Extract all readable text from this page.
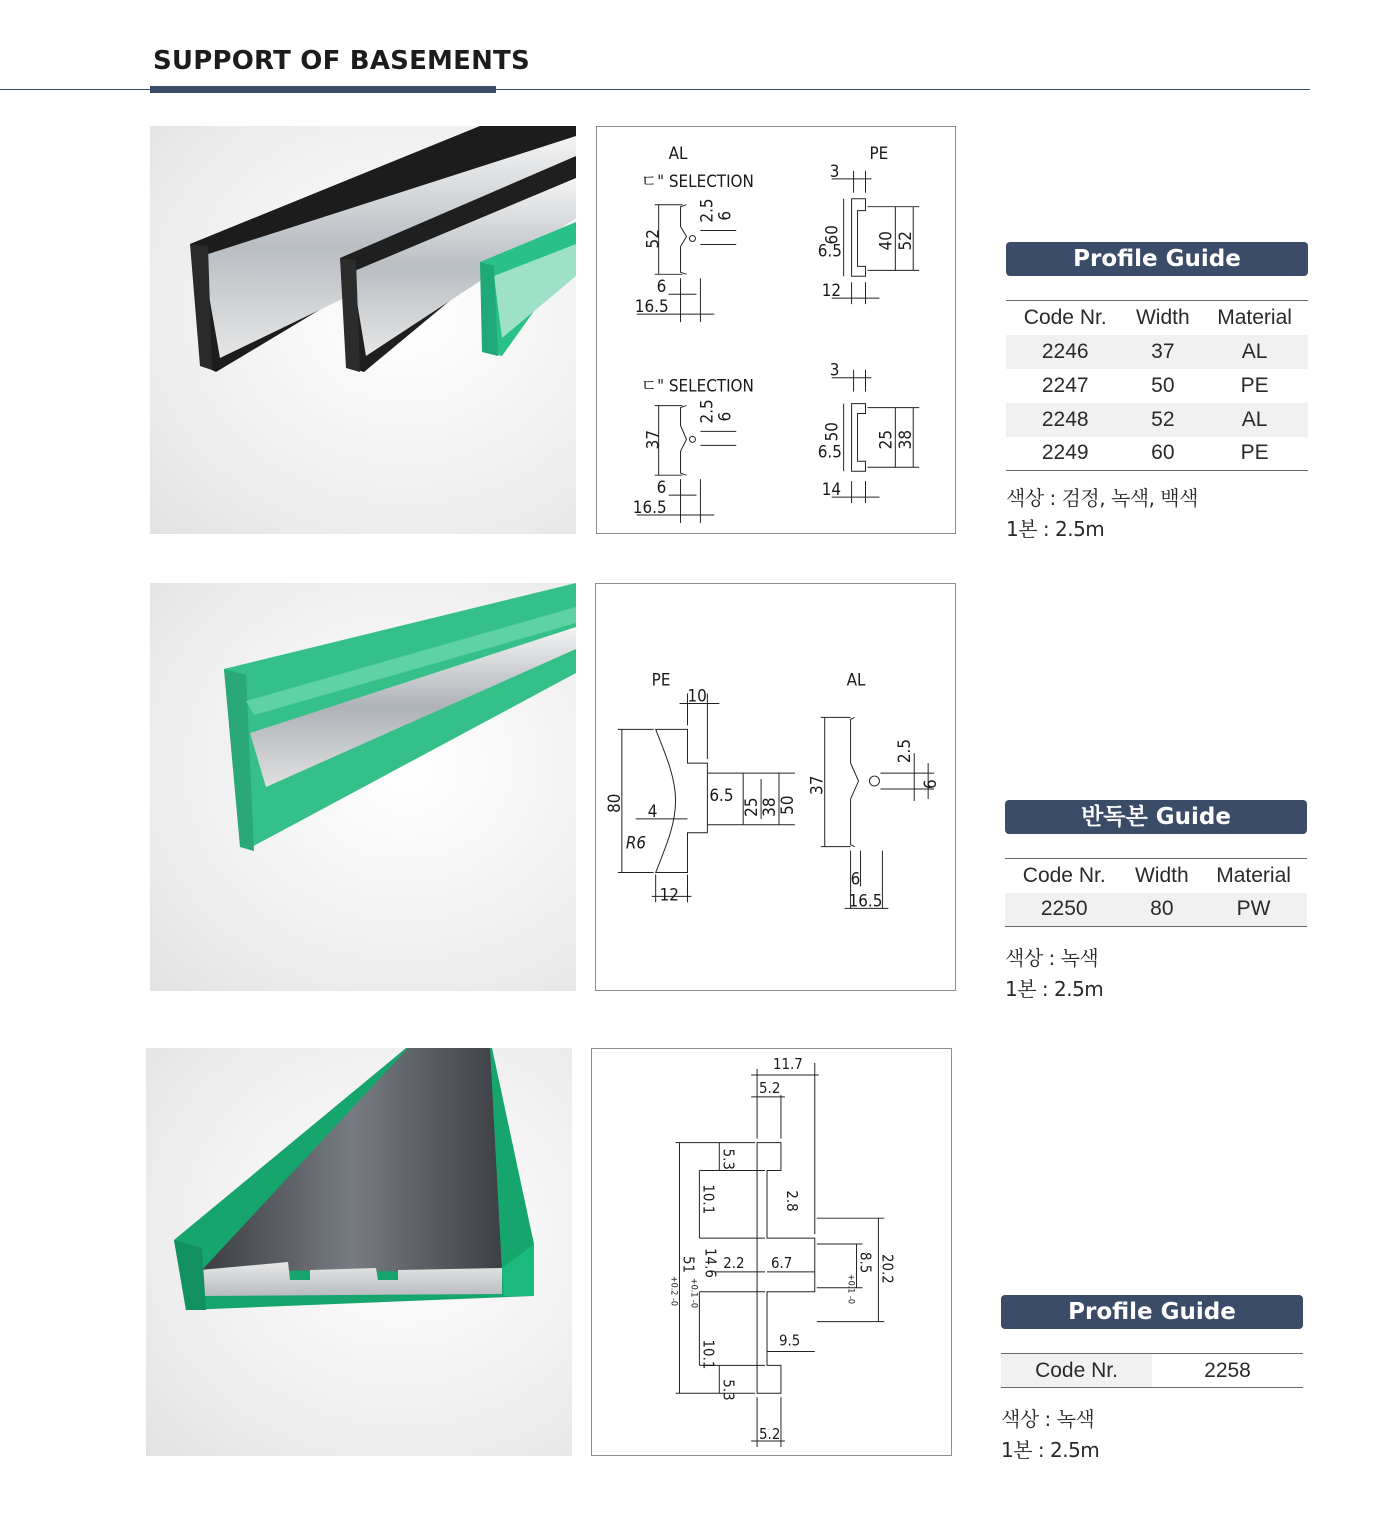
SUPPORT OF BASEMENTS
AL	PE
ㄷ" SELECTION
ㄷ" SELECTION
52
2.5
6
6
16.5
37
2.5
6
6
16.5
3
60
6.5 40 52
12
3
50
6.5
25 38
14
Profile Guide
Code Nr.	Width	Material
2246	37	AL
2247	50	PE
2248	52	AL
2249	60	PE
색상 : 검정, 녹색, 백색
1본 : 2.5m
PE	AL
10
80	6.5
25
38
50
4
R6
12
37
2.5
6
6
16.5
반독본 Guide
Code Nr.	Width	Material
2250	80	PW
색상 : 녹색
1본 : 2.5m
11.7
5.2
5.3
10.1	2.8
51
+0.2 -0
14.6
+0.1 -0
2.2 6.7	8.5
+0.1 -0
20.2
9.5
10.1
5.3
5.2
Profile Guide
Code Nr.	2258
색상 : 녹색
1본 : 2.5m
